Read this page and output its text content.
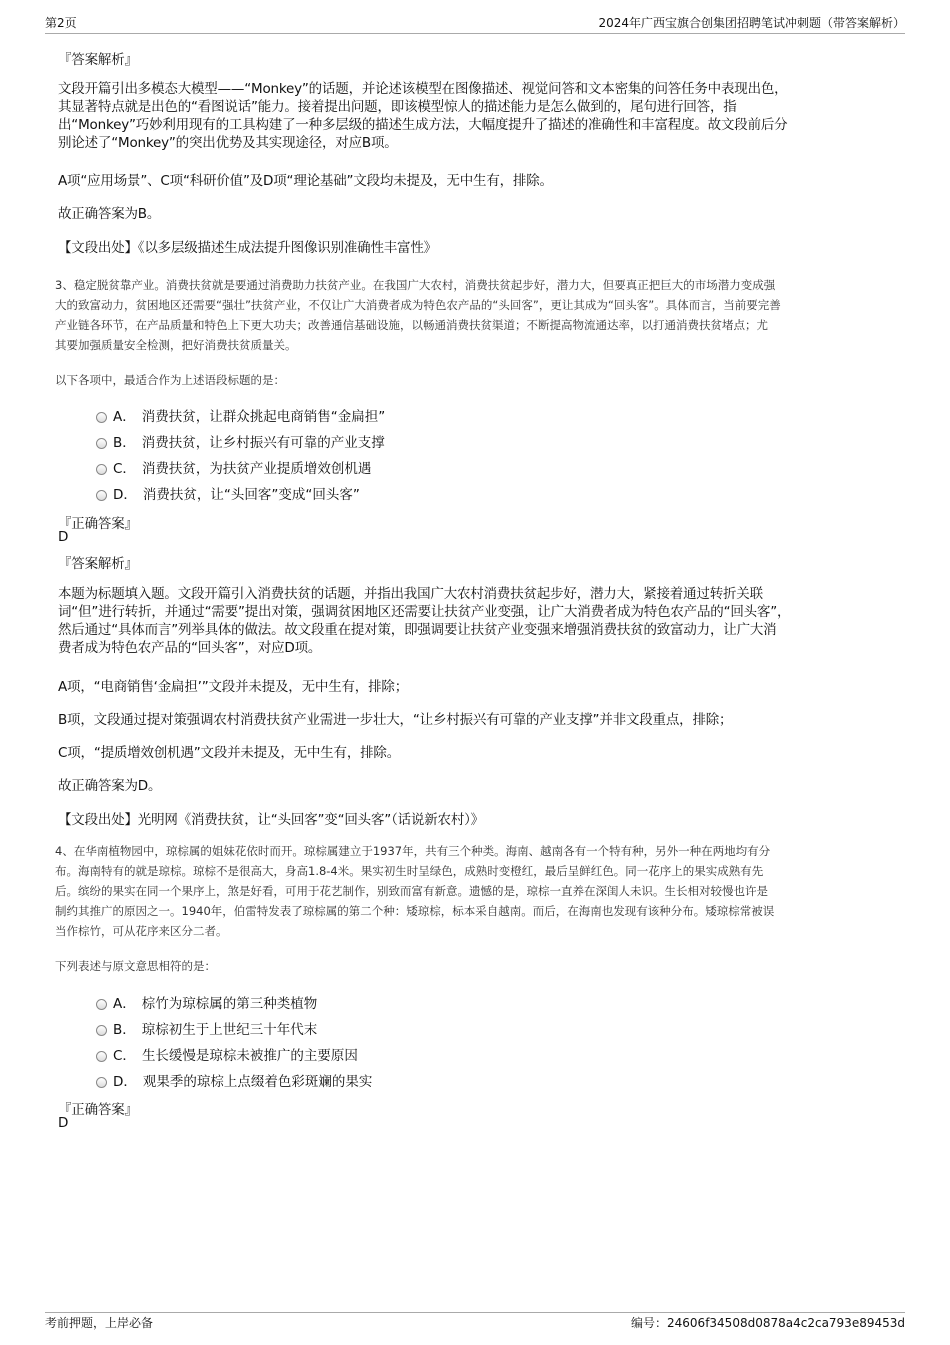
第2页	2024年广西宝旗合创集团招聘笔试冲刺题（带答案解析）
『答案解析』
文段开篇引出多模态大模型——“Monkey”的话题，并论述该模型在图像描述、视觉问答和文本密集的问答任务中表现出色，
其显著特点就是出色的“看图说话”能力。接着提出问题，即该模型惊人的描述能力是怎么做到的，尾句进行回答，指
出“Monkey”巧妙利用现有的工具构建了一种多层级的描述生成方法，大幅度提升了描述的准确性和丰富程度。故文段前后分
别论述了“Monkey”的突出优势及其实现途径，对应B项。
A项“应用场景”、C项“科研价值”及D项“理论基础”文段均未提及，无中生有，排除。
故正确答案为B。
【文段出处】《以多层级描述生成法提升图像识别准确性丰富性》
3、稳定脱贫靠产业。消费扶贫就是要通过消费助力扶贫产业。在我国广大农村，消费扶贫起步好，潜力大，但要真正把巨大的市场潜力变成强
大的致富动力，贫困地区还需要“强壮”扶贫产业，不仅让广大消费者成为特色农产品的“头回客”，更让其成为“回头客”。具体而言，当前要完善
产业链各环节，在产品质量和特色上下更大功夫；改善通信基础设施，以畅通消费扶贫渠道；不断提高物流通达率，以打通消费扶贫堵点；尤
其要加强质量安全检测，把好消费扶贫质量关。
以下各项中，最适合作为上述语段标题的是：
A． 消费扶贫，让群众挑起电商销售“金扁担”
B． 消费扶贫，让乡村振兴有可靠的产业支撑
C． 消费扶贫，为扶贫产业提质增效创机遇
D． 消费扶贫，让“头回客”变成“回头客”
『正确答案』
D
『答案解析』
本题为标题填入题。文段开篇引入消费扶贫的话题，并指出我国广大农村消费扶贫起步好，潜力大，紧接着通过转折关联
词“但”进行转折，并通过“需要”提出对策，强调贫困地区还需要让扶贫产业变强，让广大消费者成为特色农产品的“回头客”，
然后通过“具体而言”列举具体的做法。故文段重在提对策，即强调要让扶贫产业变强来增强消费扶贫的致富动力，让广大消
费者成为特色农产品的“回头客”，对应D项。
A项，“电商销售‘金扁担’”文段并未提及，无中生有，排除；
B项，文段通过提对策强调农村消费扶贫产业需进一步壮大，“让乡村振兴有可靠的产业支撑”并非文段重点，排除；
C项，“提质增效创机遇”文段并未提及，无中生有，排除。
故正确答案为D。
【文段出处】光明网《消费扶贫，让“头回客”变“回头客”（话说新农村）》
4、在华南植物园中，琼棕属的姐妹花依时而开。琼棕属建立于1937年，共有三个种类。海南、越南各有一个特有种，另外一种在两地均有分
布。海南特有的就是琼棕。琼棕不是很高大，身高1.8-4米。果实初生时呈绿色，成熟时变橙红，最后呈鲜红色。同一花序上的果实成熟有先
后。缤纷的果实在同一个果序上，煞是好看，可用于花艺制作，别致而富有新意。遗憾的是，琼棕一直养在深闺人未识。生长相对较慢也许是
制约其推广的原因之一。1940年，伯雷特发表了琼棕属的第二个种：矮琼棕，标本采自越南。而后，在海南也发现有该种分布。矮琼棕常被误
当作棕竹，可从花序来区分二者。
下列表述与原文意思相符的是：
A． 棕竹为琼棕属的第三种类植物
B． 琼棕初生于上世纪三十年代末
C． 生长缓慢是琼棕未被推广的主要原因
D． 观果季的琼棕上点缀着色彩斑斓的果实
『正确答案』
D
考前押题，上岸必备	编号：24606f34508d0878a4c2ca793e89453d
